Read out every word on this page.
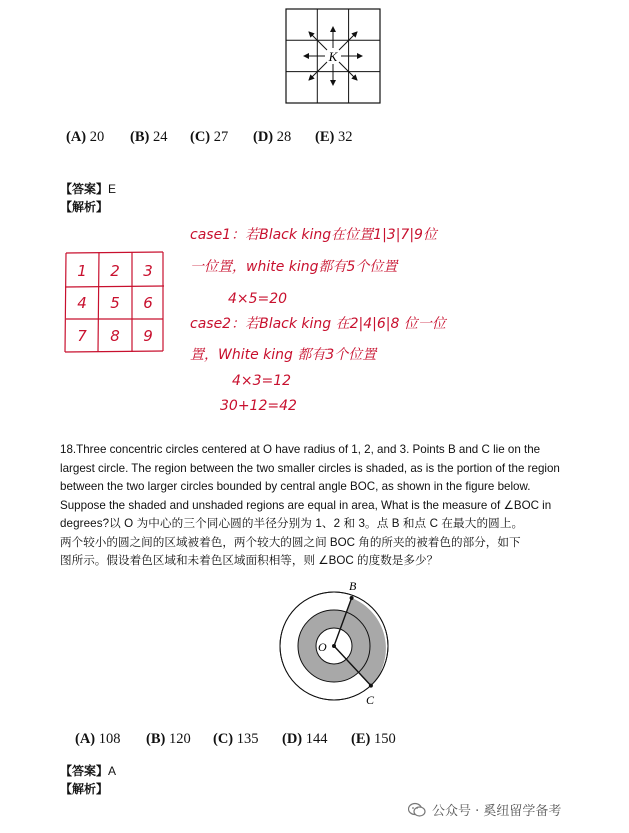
K
(A) 20 (B) 24 (C) 27 (D) 28 (E) 32
【答案】E
【解析】
1 2 3
4 5 6
7 8 9
case1：若Black king在位置1|3|7|9位
一位置，white king都有5个位置
4×5=20
case2：若Black king 在2|4|6|8 位一位
置，White king 都有3个位置
4×3=12
30+12=42
18.Three concentric circles centered at O have radius of 1, 2, and 3. Points B and C lie on the
largest circle. The region between the two smaller circles is shaded, as is the portion of the region
between the two larger circles bounded by central angle BOC, as shown in the figure below.
Suppose the shaded and unshaded regions are equal in area, What is the measure of ∠BOC in
degrees?以 O 为中心的三个同心圆的半径分别为 1、2 和 3。点 B 和点 C 在最大的圆上。
两个较小的圆之间的区域被着色，两个较大的圆之间 BOC 角的所夹的被着色的部分，如下
图所示。假设着色区域和未着色区域面积相等，则 ∠BOC 的度数是多少？
O
B
C
(A) 108 (B) 120 (C) 135 (D) 144 (E) 150
【答案】A
【解析】
公众号 · 奚纽留学备考
